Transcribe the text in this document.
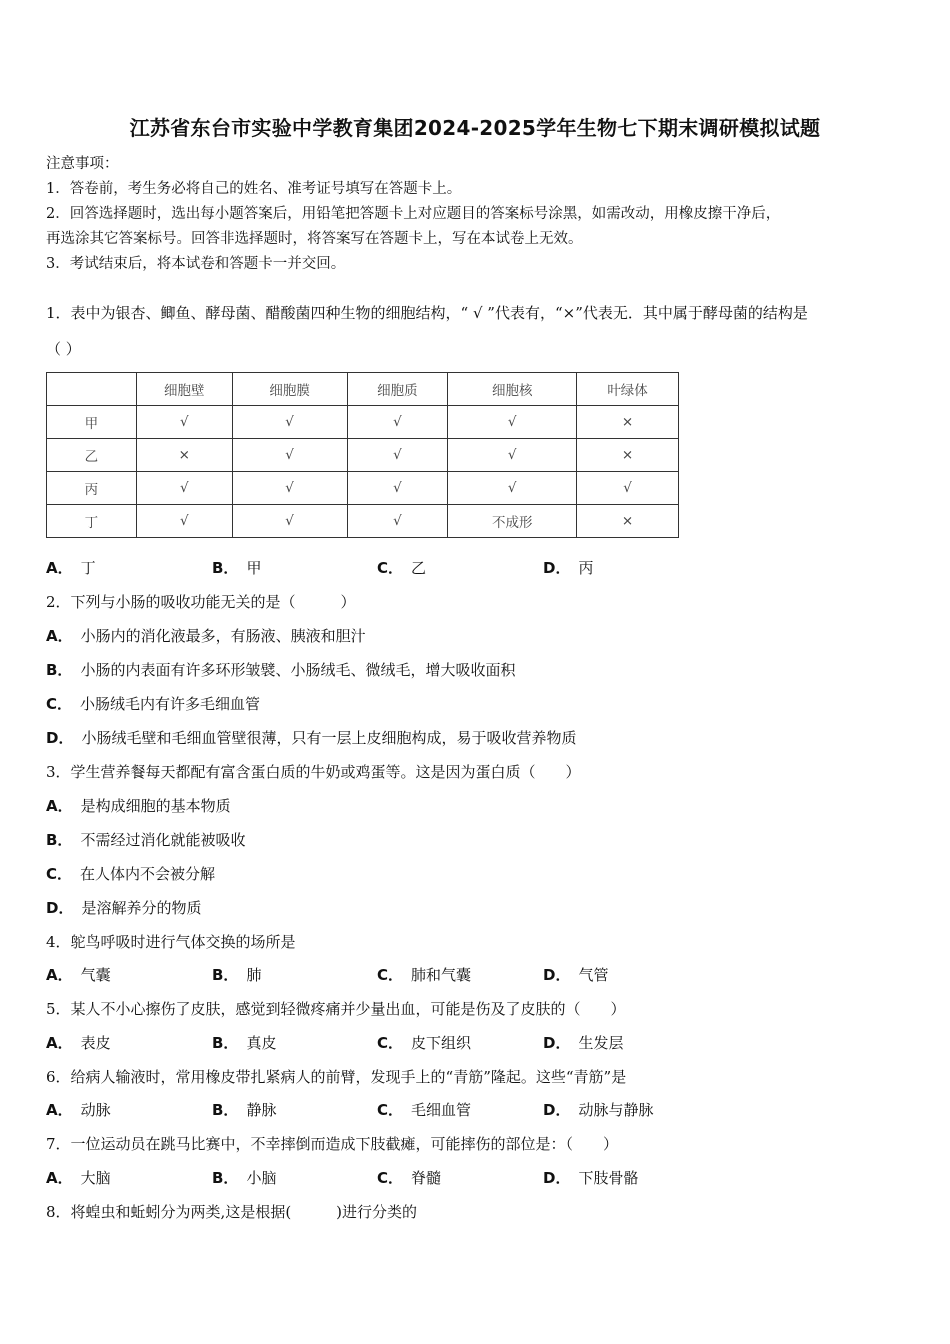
江苏省东台市实验中学教育集团2024-2025学年生物七下期末调研模拟试题
注意事项：
1．答卷前，考生务必将自己的姓名、准考证号填写在答题卡上。
2．回答选择题时，选出每小题答案后，用铅笔把答题卡上对应题目的答案标号涂黑，如需改动，用橡皮擦干净后，
再选涂其它答案标号。回答非选择题时，将答案写在答题卡上，写在本试卷上无效。
3．考试结束后，将本试卷和答题卡一并交回。
1．表中为银杏、鲫鱼、酵母菌、醋酸菌四种生物的细胞结构，“ √ ”代表有，“×”代表无．其中属于酵母菌的结构是
（ ）
	细胞壁	细胞膜	细胞质	细胞核	叶绿体
甲	√	√	√	√	×
乙	×	√	√	√	×
丙	√	√	√	√	√
丁	√	√	√	不成形	×
A． 丁	B． 甲	C． 乙	D． 丙
2．下列与小肠的吸收功能无关的是（　　　）
A． 小肠内的消化液最多，有肠液、胰液和胆汁
B． 小肠的内表面有许多环形皱襞、小肠绒毛、微绒毛，增大吸收面积
C． 小肠绒毛内有许多毛细血管
D． 小肠绒毛壁和毛细血管壁很薄，只有一层上皮细胞构成，易于吸收营养物质
3．学生营养餐每天都配有富含蛋白质的牛奶或鸡蛋等。这是因为蛋白质（　　）
A． 是构成细胞的基本物质
B． 不需经过消化就能被吸收
C． 在人体内不会被分解
D． 是溶解养分的物质
4．鸵鸟呼吸时进行气体交换的场所是
A． 气囊	B． 肺	C． 肺和气囊	D． 气管
5．某人不小心擦伤了皮肤，感觉到轻微疼痛并少量出血，可能是伤及了皮肤的（　　）
A． 表皮	B． 真皮	C． 皮下组织	D． 生发层
6．给病人输液时，常用橡皮带扎紧病人的前臂，发现手上的“青筋”隆起。这些“青筋”是
A． 动脉	B． 静脉	C． 毛细血管	D． 动脉与静脉
7．一位运动员在跳马比赛中，不幸摔倒而造成下肢截瘫，可能摔伤的部位是：（　　）
A． 大脑	B． 小脑	C． 脊髓	D． 下肢骨骼
8．将蝗虫和蚯蚓分为两类,这是根据(　　　)进行分类的
